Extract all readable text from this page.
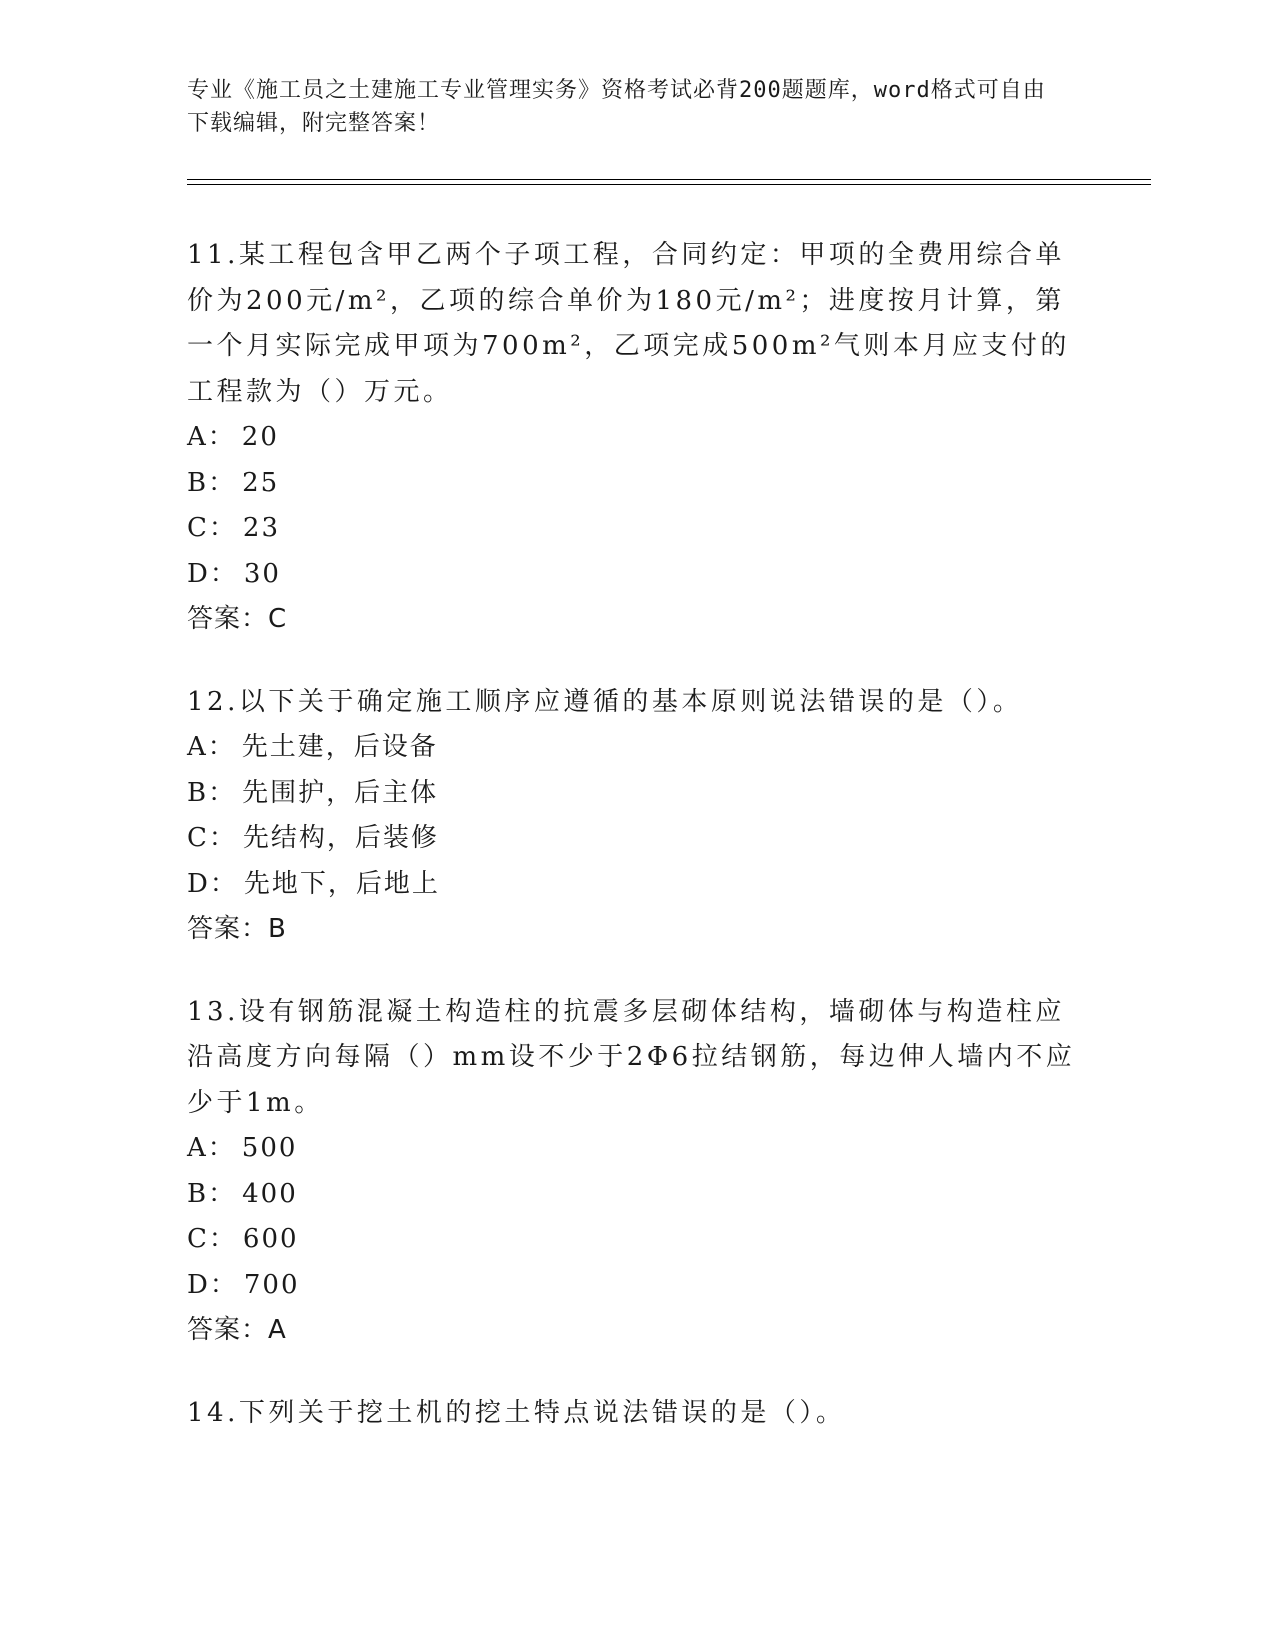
专业《施工员之土建施工专业管理实务》资格考试必背200题题库，word格式可自由下载编辑，附完整答案！

11.某工程包含甲乙两个子项工程，合同约定：甲项的全费用综合单价为200元/m²，乙项的综合单价为180元/m²；进度按月计算，第一个月实际完成甲项为700m²，乙项完成500m²气则本月应支付的工程款为（）万元。

A： 20
B： 25
C： 23
D： 30
答案：C

12.以下关于确定施工顺序应遵循的基本原则说法错误的是（）。

A： 先土建，后设备
B： 先围护，后主体
C： 先结构，后装修
D： 先地下，后地上
答案：B

13.设有钢筋混凝土构造柱的抗震多层砌体结构，墙砌体与构造柱应沿高度方向每隔（）mm设不少于2Φ6拉结钢筋，每边伸人墙内不应少于1m。

A： 500
B： 400
C： 600
D： 700
答案：A

14.下列关于挖土机的挖土特点说法错误的是（）。
